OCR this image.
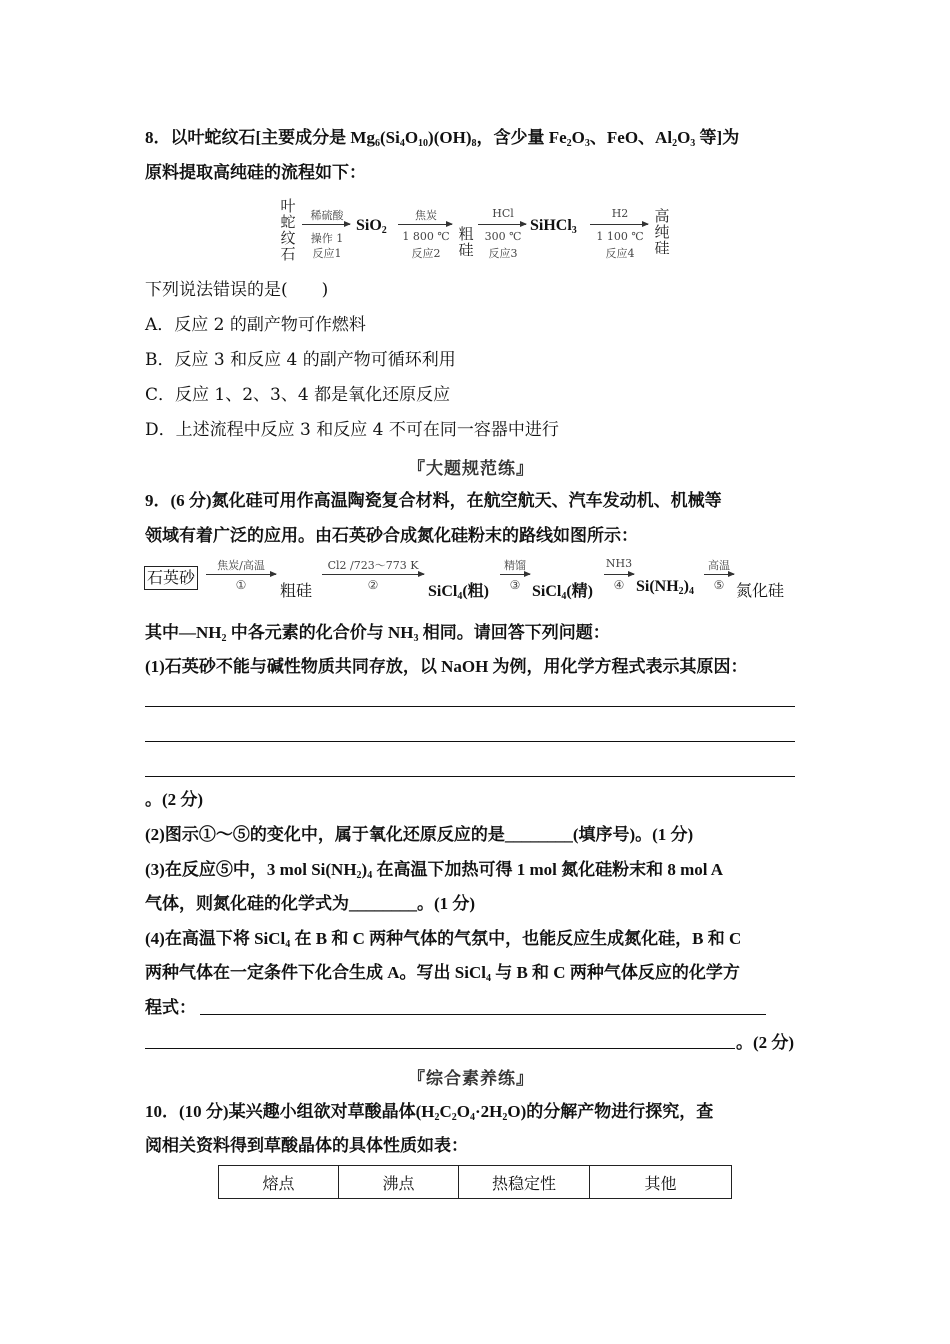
8．以叶蛇纹石[主要成分是 $Mg_6(Si_4O_{10})(OH)_8$，含少量 $Fe_2O_3$、FeO、$Al_2O_3$ 等]为
原料提取高纯硅的流程如下：
叶蛇纹石
稀硫酸
操作 1
反应1
SiO$_2$
焦炭
1 800 ℃
反应2
粗硅
HCl
300 ℃
反应3
SiHCl$_3$
H2
1 100 ℃
反应4
高纯硅
下列说法错误的是(　　)
A．反应 2 的副产物可作燃料
B．反应 3 和反应 4 的副产物可循环利用
C．反应 1、2、3、4 都是氧化还原反应
D．上述流程中反应 3 和反应 4 不可在同一容器中进行
『大题规范练』
9．(6 分)氮化硅可用作高温陶瓷复合材料，在航空航天、汽车发动机、机械等
领域有着广泛的应用。由石英砂合成氮化硅粉末的路线如图所示：
石英砂
焦炭/高温
①	粗硅
Cl2 /723～773 K
②	SiCl$_4$(粗)
精馏
③ SiCl$_4$(精)
NH3
④ $Si(NH_2)_4$
高温
⑤ 氮化硅
其中$—NH_2$ 中各元素的化合价与 $NH_3$ 相同。请回答下列问题：
(1)石英砂不能与碱性物质共同存放，以 NaOH 为例，用化学方程式表示其原因：
。(2 分)
(2)图示①～⑤的变化中，属于氧化还原反应的是________(填序号)。(1 分)
(3)在反应⑤中，3 mol $Si(NH_2)_4$ 在高温下加热可得 1 mol 氮化硅粉末和 8 mol A
气体，则氮化硅的化学式为________。(1 分)
(4)在高温下将 SiCl$_4$ 在 B 和 C 两种气体的气氛中，也能反应生成氮化硅，B 和 C
两种气体在一定条件下化合生成 A。写出 SiCl$_4$ 与 B 和 C 两种气体反应的化学方
程式：
。(2 分)
『综合素养练』
10．(10 分)某兴趣小组欲对草酸晶体$(H_2C_2O_4\cdot 2H_2O)$的分解产物进行探究，查
阅相关资料得到草酸晶体的具体性质如表：
熔点	沸点	热稳定性	其他
